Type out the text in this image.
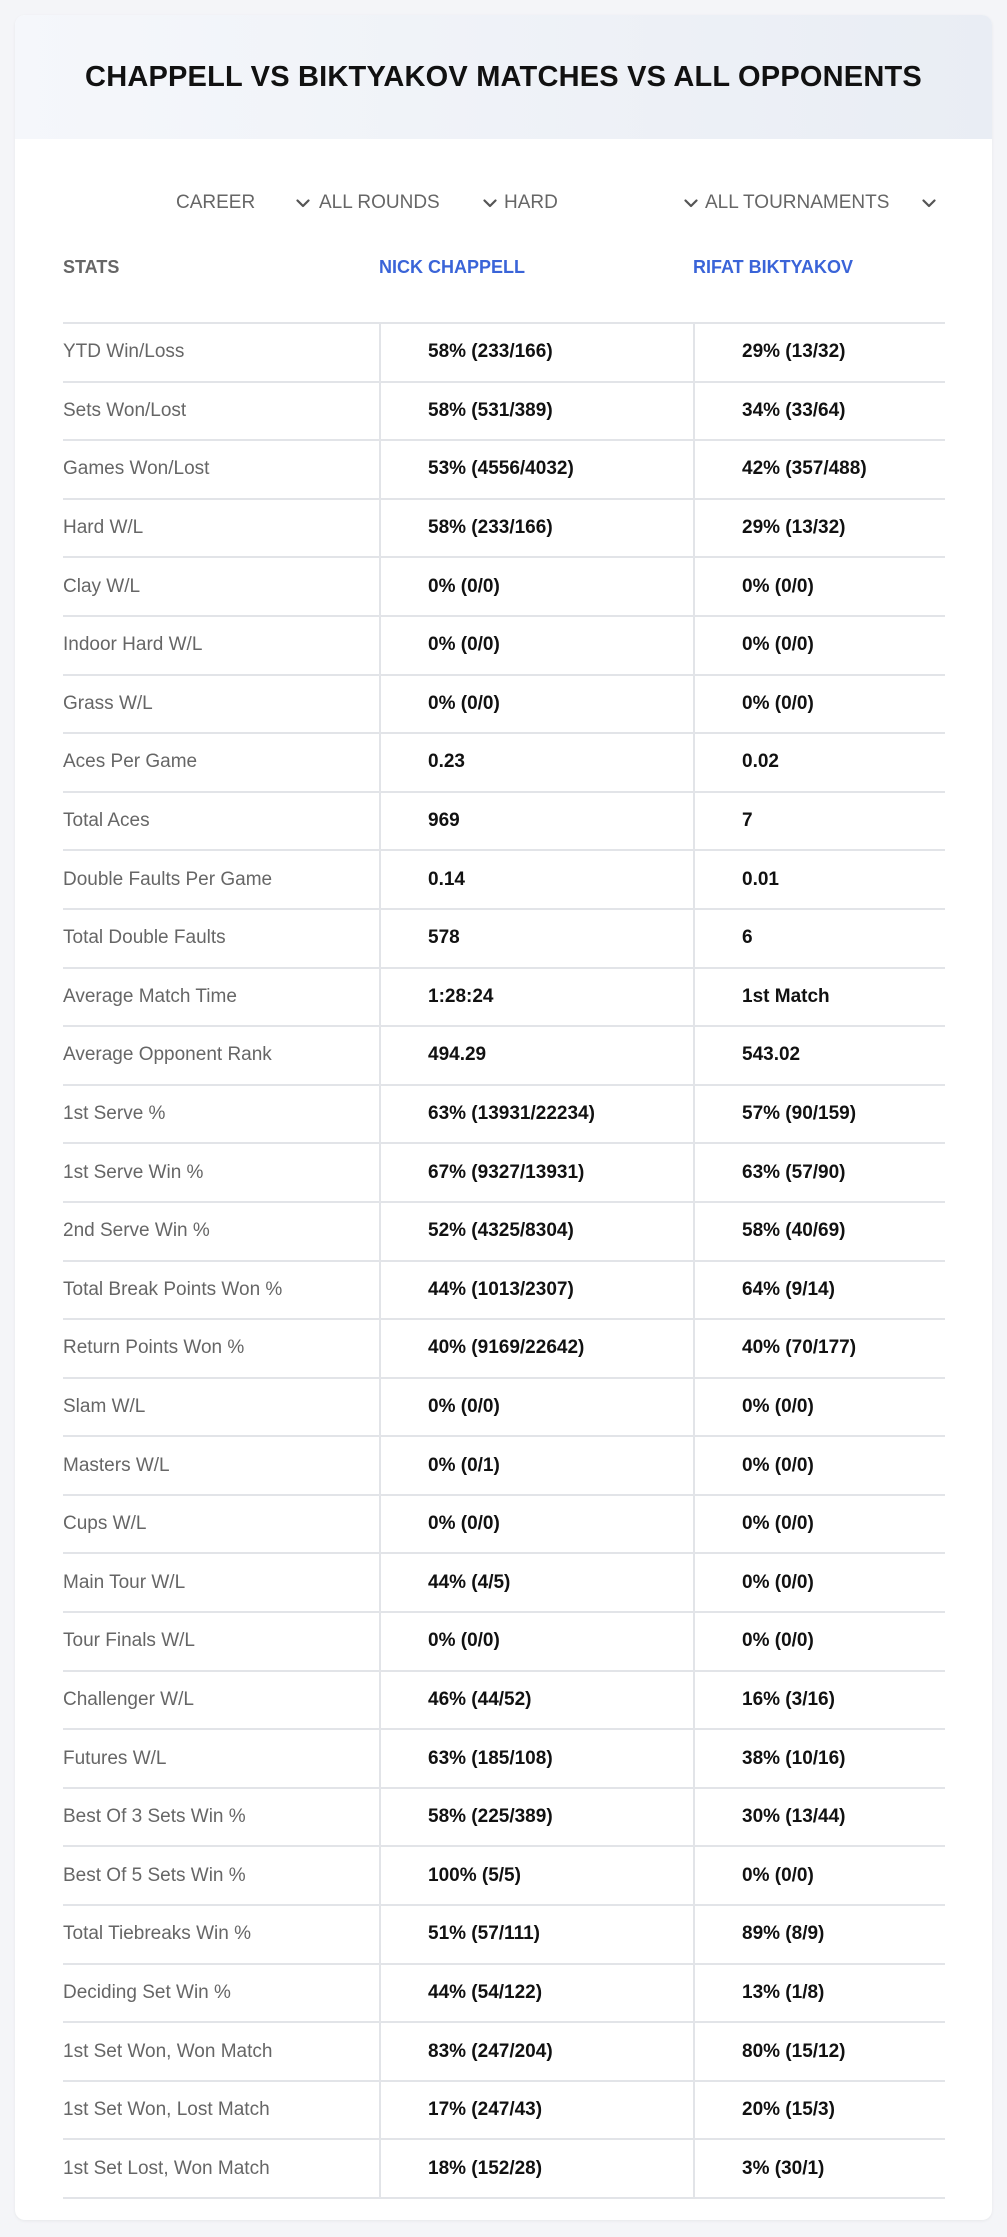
CHAPPELL VS BIKTYAKOV MATCHES VS ALL OPPONENTS
CAREER	ALL ROUNDS	HARD	ALL TOURNAMENTS
STATS	NICK CHAPPELL	RIFAT BIKTYAKOV
YTD Win/Loss	58% (233/166)	29% (13/32)
Sets Won/Lost	58% (531/389)	34% (33/64)
Games Won/Lost	53% (4556/4032)	42% (357/488)
Hard W/L	58% (233/166)	29% (13/32)
Clay W/L	0% (0/0)	0% (0/0)
Indoor Hard W/L	0% (0/0)	0% (0/0)
Grass W/L	0% (0/0)	0% (0/0)
Aces Per Game	0.23	0.02
Total Aces	969	7
Double Faults Per Game	0.14	0.01
Total Double Faults	578	6
Average Match Time	1:28:24	1st Match
Average Opponent Rank	494.29	543.02
1st Serve %	63% (13931/22234)	57% (90/159)
1st Serve Win %	67% (9327/13931)	63% (57/90)
2nd Serve Win %	52% (4325/8304)	58% (40/69)
Total Break Points Won %	44% (1013/2307)	64% (9/14)
Return Points Won %	40% (9169/22642)	40% (70/177)
Slam W/L	0% (0/0)	0% (0/0)
Masters W/L	0% (0/1)	0% (0/0)
Cups W/L	0% (0/0)	0% (0/0)
Main Tour W/L	44% (4/5)	0% (0/0)
Tour Finals W/L	0% (0/0)	0% (0/0)
Challenger W/L	46% (44/52)	16% (3/16)
Futures W/L	63% (185/108)	38% (10/16)
Best Of 3 Sets Win %	58% (225/389)	30% (13/44)
Best Of 5 Sets Win %	100% (5/5)	0% (0/0)
Total Tiebreaks Win %	51% (57/111)	89% (8/9)
Deciding Set Win %	44% (54/122)	13% (1/8)
1st Set Won, Won Match	83% (247/204)	80% (15/12)
1st Set Won, Lost Match	17% (247/43)	20% (15/3)
1st Set Lost, Won Match	18% (152/28)	3% (30/1)
